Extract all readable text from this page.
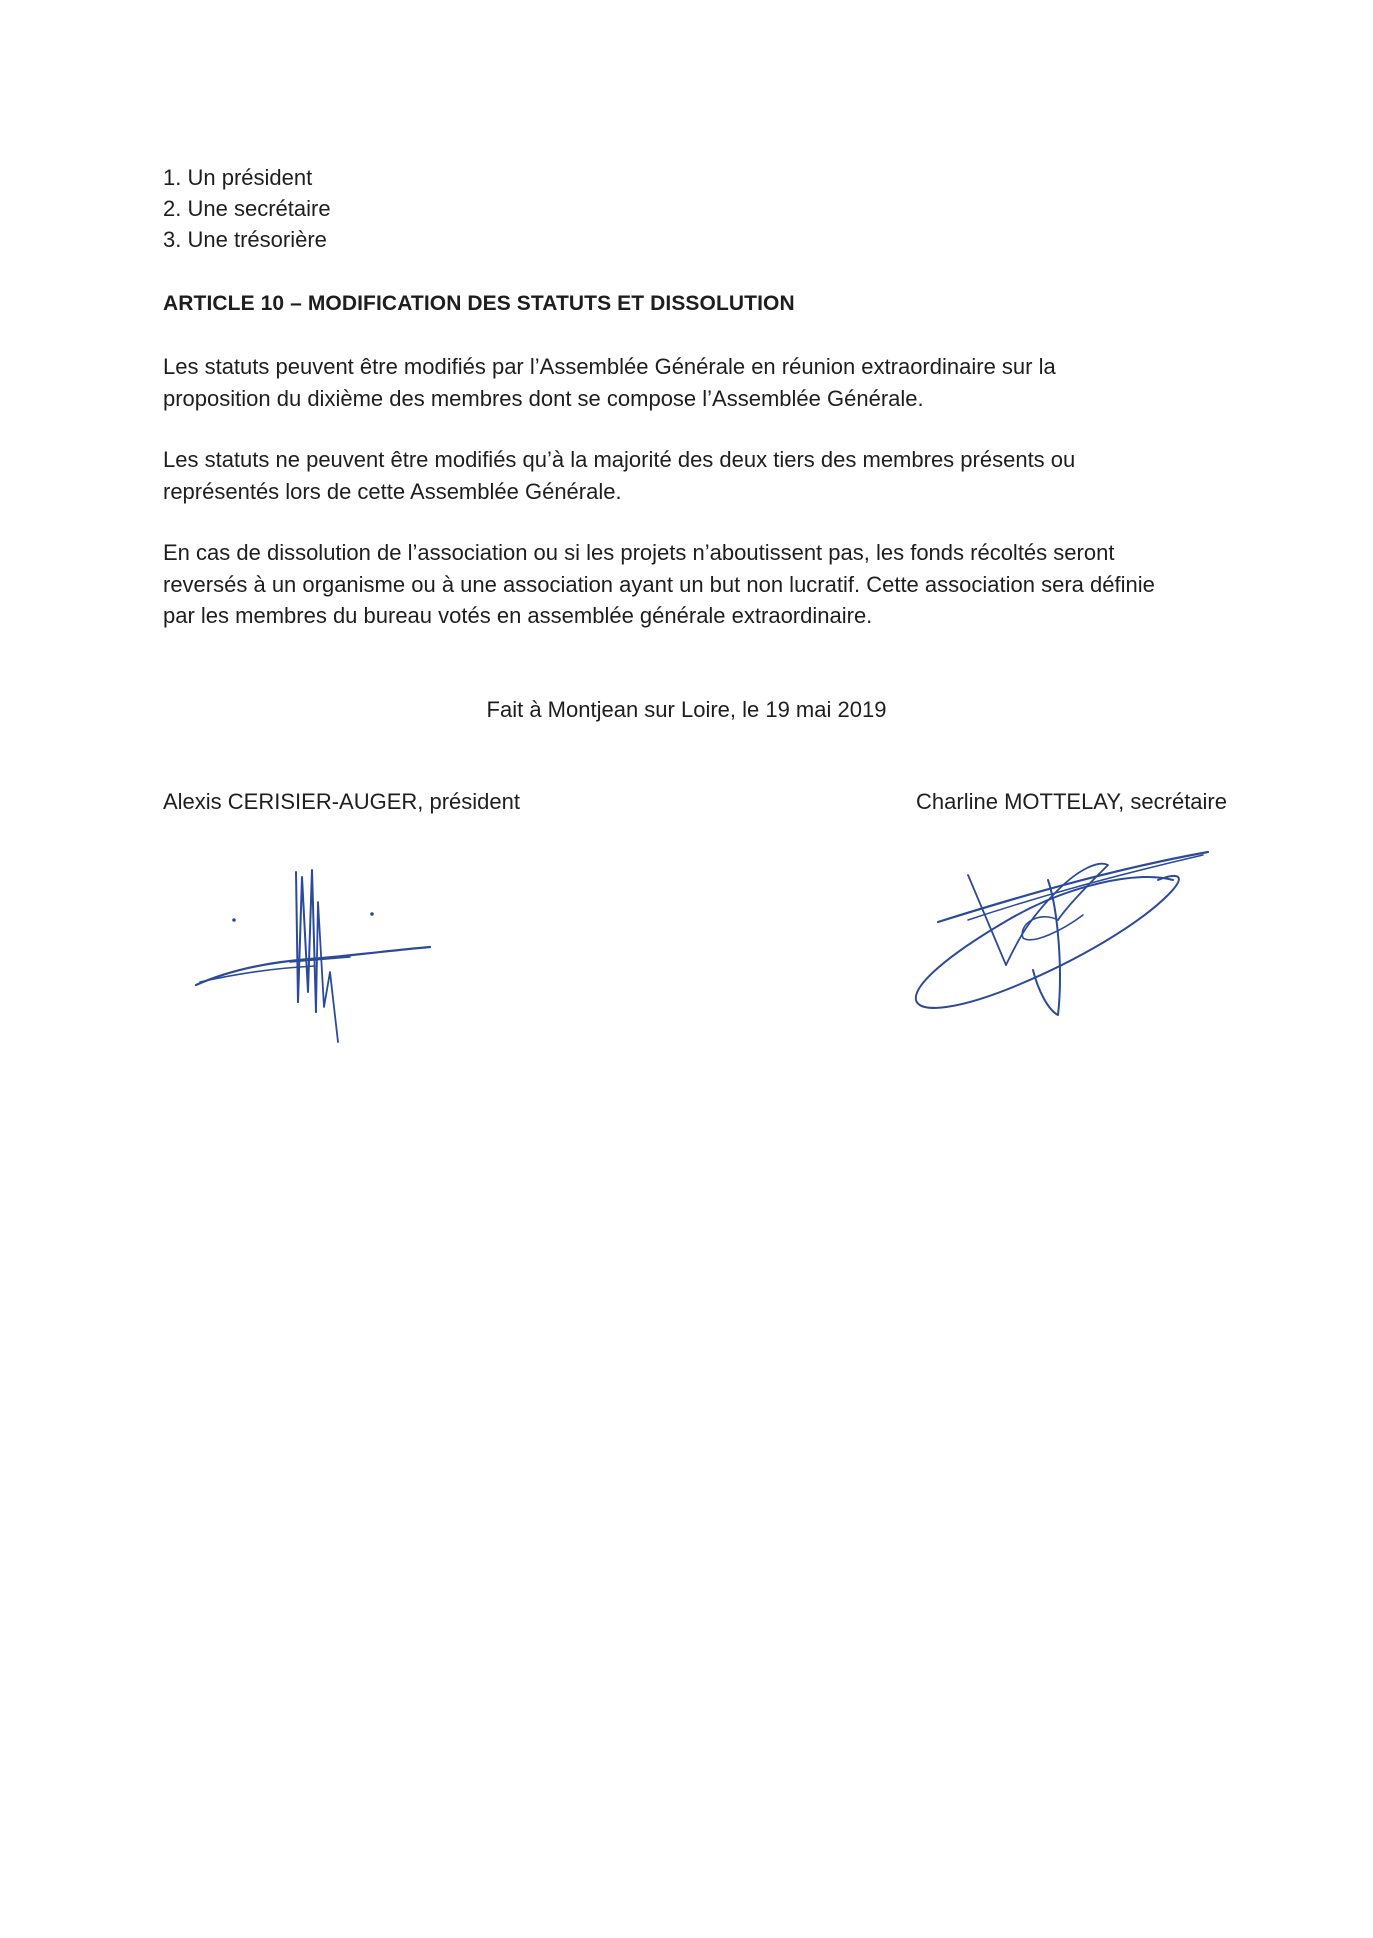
1. Un président
2. Une secrétaire
3. Une trésorière
ARTICLE 10 – MODIFICATION DES STATUTS ET DISSOLUTION
Les statuts peuvent être modifiés par l’Assemblée Générale en réunion extraordinaire sur la
proposition du dixième des membres dont se compose l’Assemblée Générale.
Les statuts ne peuvent être modifiés qu’à la majorité des deux tiers des membres présents ou
représentés lors de cette Assemblée Générale.
En cas de dissolution de l’association ou si les projets n’aboutissent pas, les fonds récoltés seront
reversés à un organisme ou à une association ayant un but non lucratif. Cette association sera définie
par les membres du bureau votés en assemblée générale extraordinaire.
Fait à Montjean sur Loire, le 19 mai 2019
Alexis CERISIER-AUGER, président	Charline MOTTELAY, secrétaire
